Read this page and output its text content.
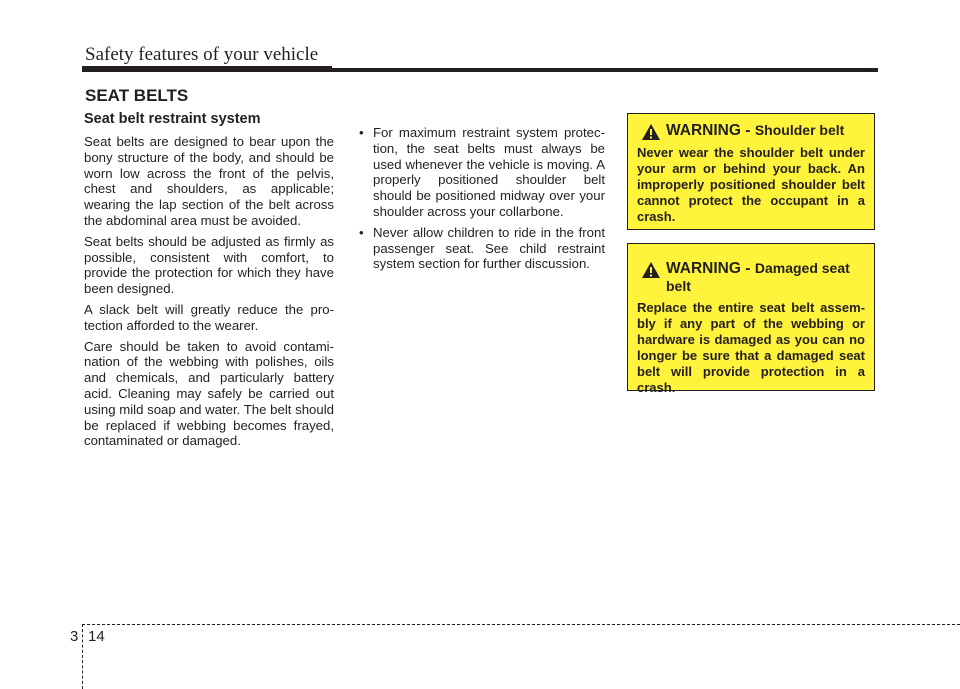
Safety features of your vehicle
SEAT BELTS
Seat belt restraint system

Seat belts are designed to bear upon the bony structure of the body, and should be worn low across the front of the pelvis, chest and shoulders, as applicable; wearing the lap section of the belt across the abdominal area must be avoided.

Seat belts should be adjusted as firmly as possible, consistent with comfort, to provide the protection for which they have been designed.

A slack belt will greatly reduce the pro- tection afforded to the wearer.

Care should be taken to avoid contami- nation of the webbing with polishes, oils and chemicals, and particularly battery acid. Cleaning may safely be carried out using mild soap and water. The belt should be replaced if webbing becomes frayed, contaminated or damaged.

• For maximum restraint system protec- tion, the seat belts must always be used whenever the vehicle is moving. A properly positioned shoulder belt should be positioned midway over your shoulder across your collarbone.
• Never allow children to ride in the front passenger seat. See child restraint system section for further discussion.
WARNING - Shoulder belt
Never wear the shoulder belt under your arm or behind your back. An improperly positioned shoulder belt cannot protect the occupant in a crash.
WARNING - Damaged seat belt
Replace the entire seat belt assem- bly if any part of the webbing or hardware is damaged as you can no longer be sure that a damaged seat belt will provide protection in a crash.
3 14
